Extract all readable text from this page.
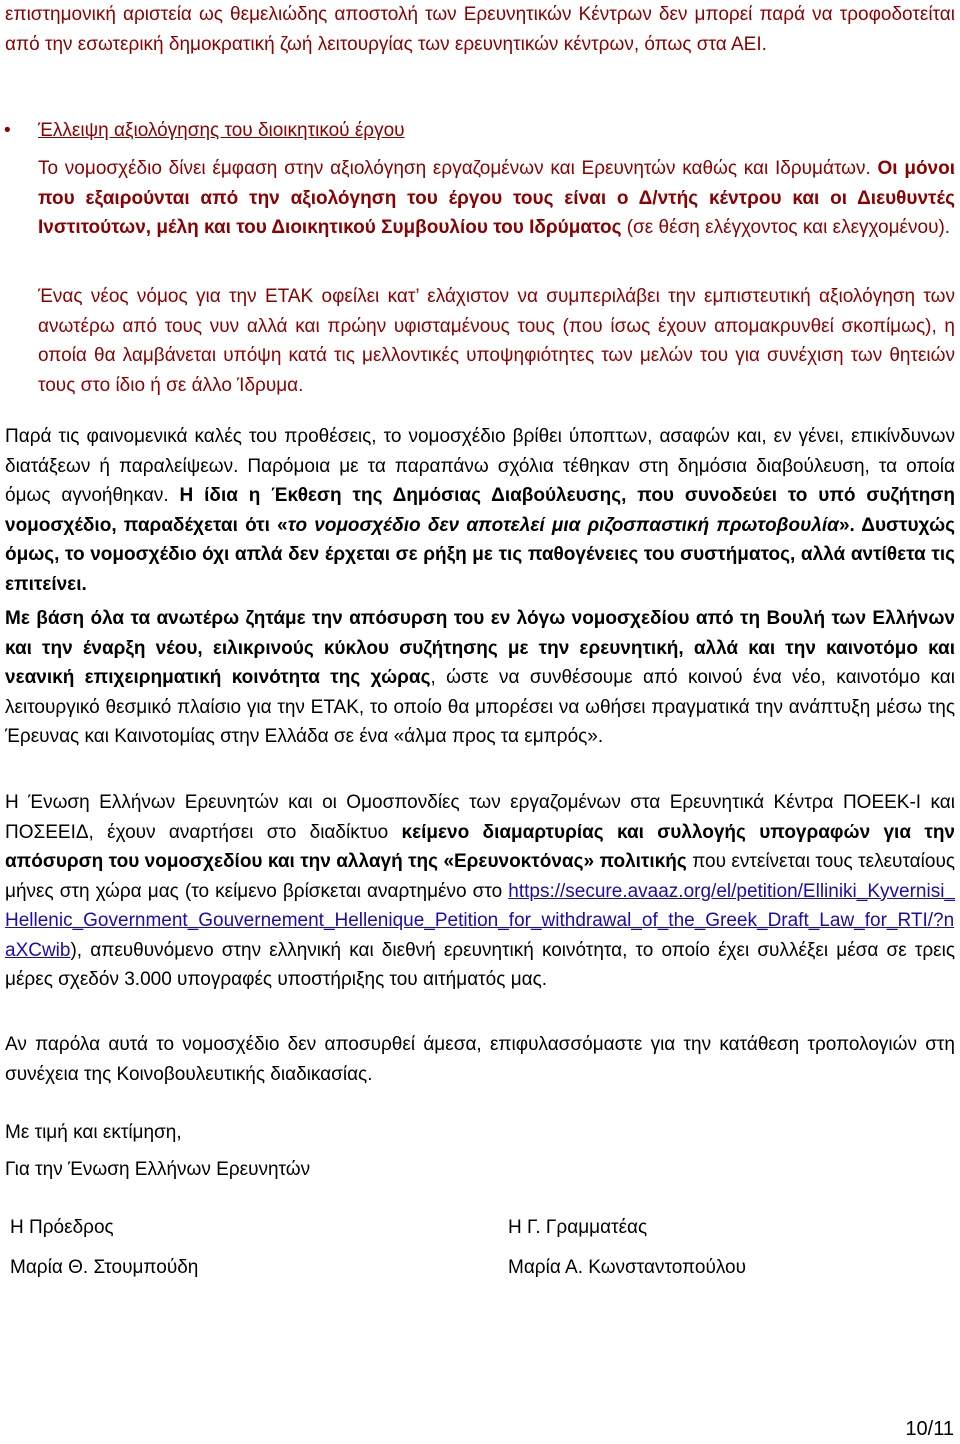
επιστημονική αριστεία ως θεμελιώδης αποστολή των Ερευνητικών Κέντρων δεν μπορεί παρά να τροφοδοτείται από την εσωτερική δημοκρατική ζωή λειτουργίας των ερευνητικών κέντρων, όπως στα ΑΕΙ.

• Έλλειψη αξιολόγησης του διοικητικού έργου

Το νομοσχέδιο δίνει έμφαση στην αξιολόγηση εργαζομένων και Ερευνητών καθώς και Ιδρυμάτων. Οι μόνοι που εξαιρούνται από την αξιολόγηση του έργου τους είναι ο Δ/ντής κέντρου και οι Διευθυντές Ινστιτούτων, μέλη και του Διοικητικού Συμβουλίου του Ιδρύματος (σε θέση ελέγχοντος και ελεγχομένου).

Ένας νέος νόμος για την ΕΤΑΚ οφείλει κατ’ ελάχιστον να συμπεριλάβει την εμπιστευτική αξιολόγηση των ανωτέρω από τους νυν αλλά και πρώην υφισταμένους τους (που ίσως έχουν απομακρυνθεί σκοπίμως), η οποία θα λαμβάνεται υπόψη κατά τις μελλοντικές υποψηφιότητες των μελών του για συνέχιση των θητειών τους στο ίδιο ή σε άλλο Ίδρυμα.

Παρά τις φαινομενικά καλές του προθέσεις, το νομοσχέδιο βρίθει ύποπτων, ασαφών και, εν γένει, επικίνδυνων διατάξεων ή παραλείψεων. Παρόμοια με τα παραπάνω σχόλια τέθηκαν στη δημόσια διαβούλευση, τα οποία όμως αγνοήθηκαν. Η ίδια η Έκθεση της Δημόσιας Διαβούλευσης, που συνοδεύει το υπό συζήτηση νομοσχέδιο, παραδέχεται ότι «το νομοσχέδιο δεν αποτελεί μια ριζοσπαστική πρωτοβουλία». Δυστυχώς όμως, το νομοσχέδιο όχι απλά δεν έρχεται σε ρήξη με τις παθογένειες του συστήματος, αλλά αντίθετα τις επιτείνει.

Με βάση όλα τα ανωτέρω ζητάμε την απόσυρση του εν λόγω νομοσχεδίου από τη Βουλή των Ελλήνων και την έναρξη νέου, ειλικρινούς κύκλου συζήτησης με την ερευνητική, αλλά και την καινοτόμο και νεανική επιχειρηματική κοινότητα της χώρας, ώστε να συνθέσουμε από κοινού ένα νέο, καινοτόμο και λειτουργικό θεσμικό πλαίσιο για την ΕΤΑΚ, το οποίο θα μπορέσει να ωθήσει πραγματικά την ανάπτυξη μέσω της Έρευνας και Καινοτομίας στην Ελλάδα σε ένα «άλμα προς τα εμπρός».

Η Ένωση Ελλήνων Ερευνητών και οι Ομοσπονδίες των εργαζομένων στα Ερευνητικά Κέντρα ΠΟΕΕΚ-Ι και ΠΟΣΕΕΙΔ, έχουν αναρτήσει στο διαδίκτυο κείμενο διαμαρτυρίας και συλλογής υπογραφών για την απόσυρση του νομοσχεδίου και την αλλαγή της «Ερευνοκτόνας» πολιτικής που εντείνεται τους τελευταίους μήνες στη χώρα μας (το κείμενο βρίσκεται αναρτημένο στο https://secure.avaaz.org/el/petition/Elliniki_Kyvernisi_Hellenic_Government_Gouvernement_Hellenique_Petition_for_withdrawal_of_the_Greek_Draft_Law_for_RTI/?naXCwib), απευθυνόμενο στην ελληνική και διεθνή ερευνητική κοινότητα, το οποίο έχει συλλέξει μέσα σε τρεις μέρες σχεδόν 3.000 υπογραφές υποστήριξης του αιτήματός μας.

Αν παρόλα αυτά το νομοσχέδιο δεν αποσυρθεί άμεσα, επιφυλασσόμαστε για την κατάθεση τροπολογιών στη συνέχεια της Κοινοβουλευτικής διαδικασίας.

Με τιμή και εκτίμηση,

Για την Ένωση Ελλήνων Ερευνητών

Η Πρόεδρος
Μαρία Θ. Στουμπούδη
Η Γ. Γραμματέας
Μαρία Α. Κωνσταντοπούλου
10/11
